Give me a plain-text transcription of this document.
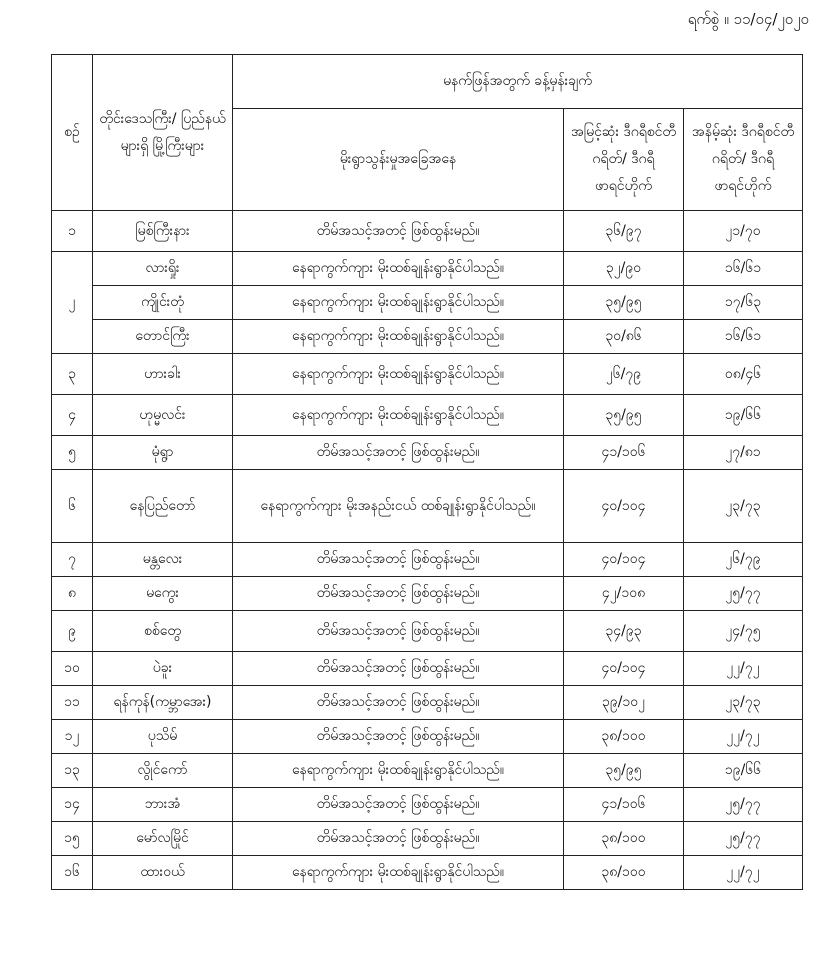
ရက်စွဲ ။ ၁၁/၀၄/၂၀၂၀
စဉ်	တိုင်းဒေသကြီး/ ပြည်နယ်များရှိ မြို့ကြီးများ	မနက်ဖြန်အတွက် ခန့်မှန်းချက်		
		မိုးရွာသွန်းမှုအခြေအနေ	အမြင့်ဆုံး ဒီဂရီစင်တီဂရိတ်/ ဒီဂရီဖာရင်ဟိုက်	အနိမ့်ဆုံး ဒီဂရီစင်တီဂရိတ်/ ဒီဂရီဖာရင်ဟိုက်
၁	မြစ်ကြီးနား	တိမ်အသင့်အတင့် ဖြစ်ထွန်းမည်။	၃၆/၉၇	၂၁/၇၀
၂	လားရှိုး	နေရာကွက်ကျား မိုးထစ်ချုန်းရွာနိုင်ပါသည်။	၃၂/၉၀	၁၆/၆၁
	ကျိုင်းတုံ	နေရာကွက်ကျား မိုးထစ်ချုန်းရွာနိုင်ပါသည်။	၃၅/၉၅	၁၇/၆၃
	တောင်ကြီး	နေရာကွက်ကျား မိုးထစ်ချုန်းရွာနိုင်ပါသည်။	၃၀/၈၆	၁၆/၆၁
၃	ဟားခါး	နေရာကွက်ကျား မိုးထစ်ချုန်းရွာနိုင်ပါသည်။	၂၆/၇၉	၀၈/၄၆
၄	ဟုမ္မလင်း	နေရာကွက်ကျား မိုးထစ်ချုန်းရွာနိုင်ပါသည်။	၃၅/၉၅	၁၉/၆၆
၅	မုံရွာ	တိမ်အသင့်အတင့် ဖြစ်ထွန်းမည်။	၄၁/၁၀၆	၂၇/၈၁
၆	နေပြည်တော်	နေရာကွက်ကျား မိုးအနည်းငယ် ထစ်ချုန်းရွာနိုင်ပါသည်။	၄၀/၁၀၄	၂၃/၇၃
၇	မန္တလေး	တိမ်အသင့်အတင့် ဖြစ်ထွန်းမည်။	၄၀/၁၀၄	၂၆/၇၉
၈	မကွေး	တိမ်အသင့်အတင့် ဖြစ်ထွန်းမည်။	၄၂/၁၀၈	၂၅/၇၇
၉	စစ်တွေ	တိမ်အသင့်အတင့် ဖြစ်ထွန်းမည်။	၃၄/၉၃	၂၄/၇၅
၁၀	ပဲခူး	တိမ်အသင့်အတင့် ဖြစ်ထွန်းမည်။	၄၀/၁၀၄	၂၂/၇၂
၁၁	ရန်ကုန်(ကမ္ဘာအေး)	တိမ်အသင့်အတင့် ဖြစ်ထွန်းမည်။	၃၉/၁၀၂	၂၃/၇၃
၁၂	ပုသိမ်	တိမ်အသင့်အတင့် ဖြစ်ထွန်းမည်။	၃၈/၁၀၀	၂၂/၇၂
၁၃	လွိုင်ကော်	နေရာကွက်ကျား မိုးထစ်ချုန်းရွာနိုင်ပါသည်။	၃၅/၉၅	၁၉/၆၆
၁၄	ဘားအံ	တိမ်အသင့်အတင့် ဖြစ်ထွန်းမည်။	၄၁/၁၀၆	၂၅/၇၇
၁၅	မော်လမြိုင်	တိမ်အသင့်အတင့် ဖြစ်ထွန်းမည်။	၃၈/၁၀၀	၂၅/၇၇
၁၆	ထားဝယ်	နေရာကွက်ကျား မိုးထစ်ချုန်းရွာနိုင်ပါသည်။	၃၈/၁၀၀	၂၂/၇၂
